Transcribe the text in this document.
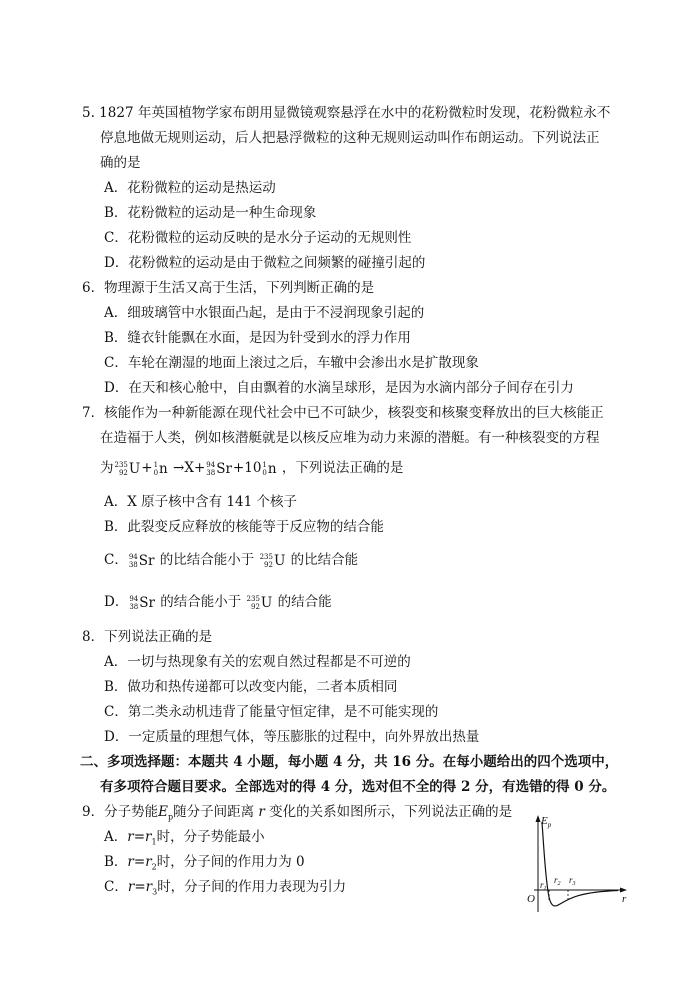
5. 1827 年英国植物学家布朗用显微镜观察悬浮在水中的花粉微粒时发现，花粉微粒永不
停息地做无规则运动，后人把悬浮微粒的这种无规则运动叫作布朗运动。下列说法正
确的是
A．花粉微粒的运动是热运动
B．花粉微粒的运动是一种生命现象
C．花粉微粒的运动反映的是水分子运动的无规则性
D．花粉微粒的运动是由于微粒之间频繁的碰撞引起的
6．物理源于生活又高于生活，下列判断正确的是
A．细玻璃管中水银面凸起，是由于不浸润现象引起的
B．缝衣针能飘在水面，是因为针受到水的浮力作用
C．车轮在潮湿的地面上滚过之后，车辙中会渗出水是扩散现象
D．在天和核心舱中，自由飘着的水滴呈球形，是因为水滴内部分子间存在引力
7．核能作为一种新能源在现代社会中已不可缺少，核裂变和核聚变释放出的巨大核能正
在造福于人类，例如核潜艇就是以核反应堆为动力来源的潜艇。有一种核裂变的方程
为 235
92 U + 1
0 n →X+ 94
38 Sr +10 1
0 n ，下列说法正确的是
A．X 原子核中含有 141 个核子
B．此裂变反应释放的核能等于反应物的结合能
C． 94
38 Sr 的比结合能小于 235
92 U 的比结合能
D． 94
38 Sr 的结合能小于 235
92 U 的结合能
8．下列说法正确的是
A．一切与热现象有关的宏观自然过程都是不可逆的
B．做功和热传递都可以改变内能，二者本质相同
C．第二类永动机违背了能量守恒定律，是不可能实现的
D．一定质量的理想气体，等压膨胀的过程中，向外界放出热量
二、多项选择题：本题共 4 小题，每小题 4 分，共 16 分。在每小题给出的四个选项中，
有多项符合题目要求。全部选对的得 4 分，选对但不全的得 2 分，有选错的得 0 分。
9．分子势能$E_p$随分子间距离 r 变化的关系如图所示，下列说法正确的是
A．$r=r_1$时，分子势能最小
B．$r=r_2$时，分子间的作用力为 0
C．$r=r_3$时，分子间的作用力表现为引力
$E_p$
r
O
$r_1$
$r_2$ $r_3$
